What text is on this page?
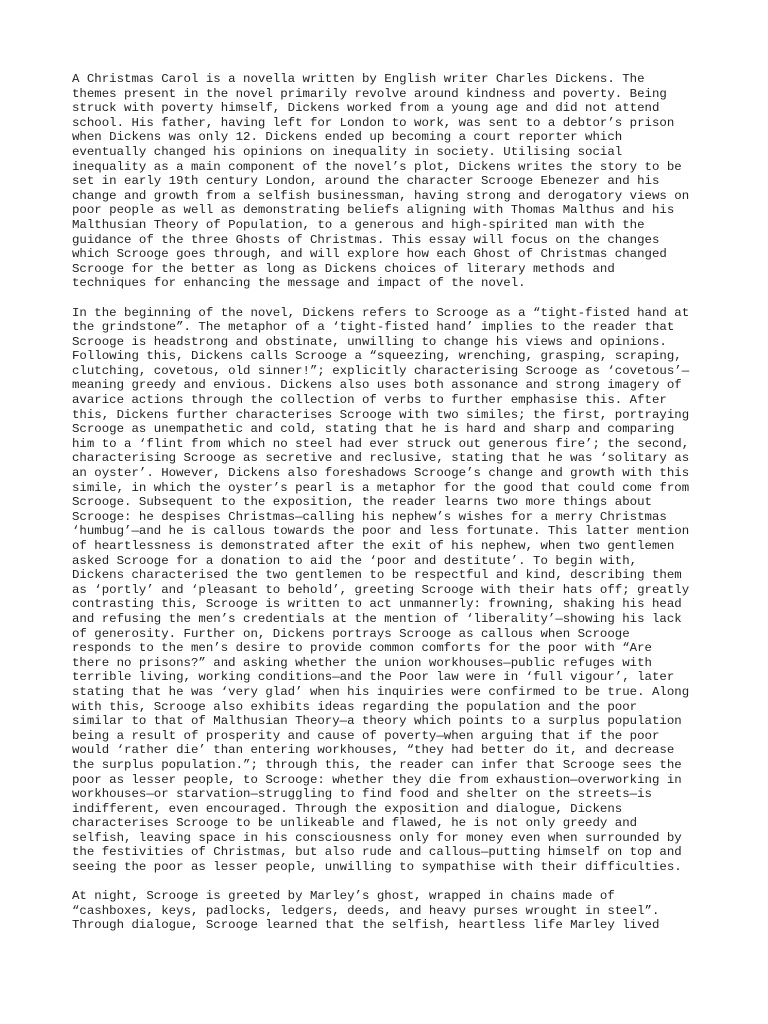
A Christmas Carol is a novella written by English writer Charles Dickens. The
themes present in the novel primarily revolve around kindness and poverty. Being
struck with poverty himself, Dickens worked from a young age and did not attend
school. His father, having left for London to work, was sent to a debtor’s prison
when Dickens was only 12. Dickens ended up becoming a court reporter which
eventually changed his opinions on inequality in society. Utilising social
inequality as a main component of the novel’s plot, Dickens writes the story to be
set in early 19th century London, around the character Scrooge Ebenezer and his
change and growth from a selfish businessman, having strong and derogatory views on
poor people as well as demonstrating beliefs aligning with Thomas Malthus and his
Malthusian Theory of Population, to a generous and high-spirited man with the
guidance of the three Ghosts of Christmas. This essay will focus on the changes
which Scrooge goes through, and will explore how each Ghost of Christmas changed
Scrooge for the better as long as Dickens choices of literary methods and
techniques for enhancing the message and impact of the novel.

In the beginning of the novel, Dickens refers to Scrooge as a “tight-fisted hand at
the grindstone”. The metaphor of a ‘tight-fisted hand’ implies to the reader that
Scrooge is headstrong and obstinate, unwilling to change his views and opinions.
Following this, Dickens calls Scrooge a “squeezing, wrenching, grasping, scraping,
clutching, covetous, old sinner!”; explicitly characterising Scrooge as ‘covetous’—
meaning greedy and envious. Dickens also uses both assonance and strong imagery of
avarice actions through the collection of verbs to further emphasise this. After
this, Dickens further characterises Scrooge with two similes; the first, portraying
Scrooge as unempathetic and cold, stating that he is hard and sharp and comparing
him to a ‘flint from which no steel had ever struck out generous fire’; the second,
characterising Scrooge as secretive and reclusive, stating that he was ‘solitary as
an oyster’. However, Dickens also foreshadows Scrooge’s change and growth with this
simile, in which the oyster’s pearl is a metaphor for the good that could come from
Scrooge. Subsequent to the exposition, the reader learns two more things about
Scrooge: he despises Christmas—calling his nephew’s wishes for a merry Christmas
‘humbug’—and he is callous towards the poor and less fortunate. This latter mention
of heartlessness is demonstrated after the exit of his nephew, when two gentlemen
asked Scrooge for a donation to aid the ‘poor and destitute’. To begin with,
Dickens characterised the two gentlemen to be respectful and kind, describing them
as ‘portly’ and ‘pleasant to behold’, greeting Scrooge with their hats off; greatly
contrasting this, Scrooge is written to act unmannerly: frowning, shaking his head
and refusing the men’s credentials at the mention of ‘liberality’—showing his lack
of generosity. Further on, Dickens portrays Scrooge as callous when Scrooge
responds to the men’s desire to provide common comforts for the poor with “Are
there no prisons?” and asking whether the union workhouses—public refuges with
terrible living, working conditions—and the Poor law were in ‘full vigour’, later
stating that he was ‘very glad’ when his inquiries were confirmed to be true. Along
with this, Scrooge also exhibits ideas regarding the population and the poor
similar to that of Malthusian Theory—a theory which points to a surplus population
being a result of prosperity and cause of poverty—when arguing that if the poor
would ‘rather die’ than entering workhouses, “they had better do it, and decrease
the surplus population.”; through this, the reader can infer that Scrooge sees the
poor as lesser people, to Scrooge: whether they die from exhaustion—overworking in
workhouses—or starvation—struggling to find food and shelter on the streets—is
indifferent, even encouraged. Through the exposition and dialogue, Dickens
characterises Scrooge to be unlikeable and flawed, he is not only greedy and
selfish, leaving space in his consciousness only for money even when surrounded by
the festivities of Christmas, but also rude and callous—putting himself on top and
seeing the poor as lesser people, unwilling to sympathise with their difficulties.

At night, Scrooge is greeted by Marley’s ghost, wrapped in chains made of
“cashboxes, keys, padlocks, ledgers, deeds, and heavy purses wrought in steel”.
Through dialogue, Scrooge learned that the selfish, heartless life Marley lived
